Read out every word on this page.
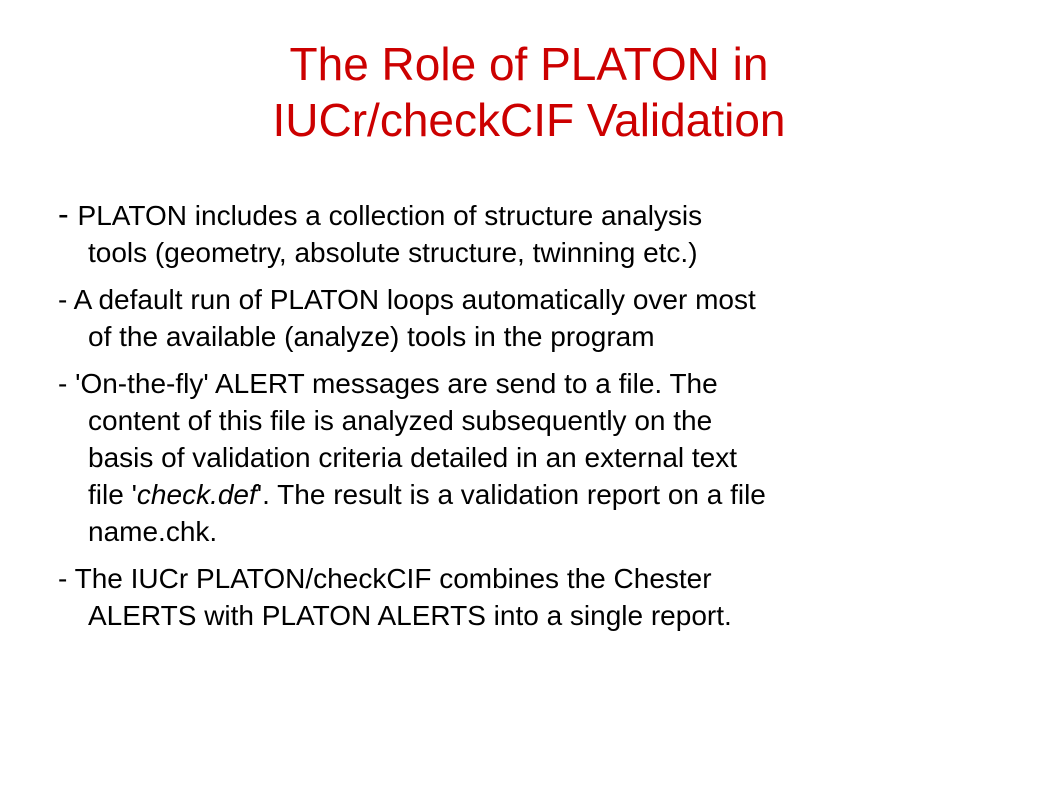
The Role of PLATON in
IUCr/checkCIF Validation
- PLATON includes a collection of structure analysis
tools (geometry, absolute structure, twinning etc.)
- A default run of PLATON loops automatically over most
of the available (analyze) tools in the program
- 'On-the-fly' ALERT messages are send to a file. The
content of this file is analyzed subsequently on the
basis of validation criteria detailed in an external text
file 'check.def'. The result is a validation report on a file
name.chk.
- The IUCr PLATON/checkCIF combines the Chester
ALERTS with PLATON ALERTS into a single report.
